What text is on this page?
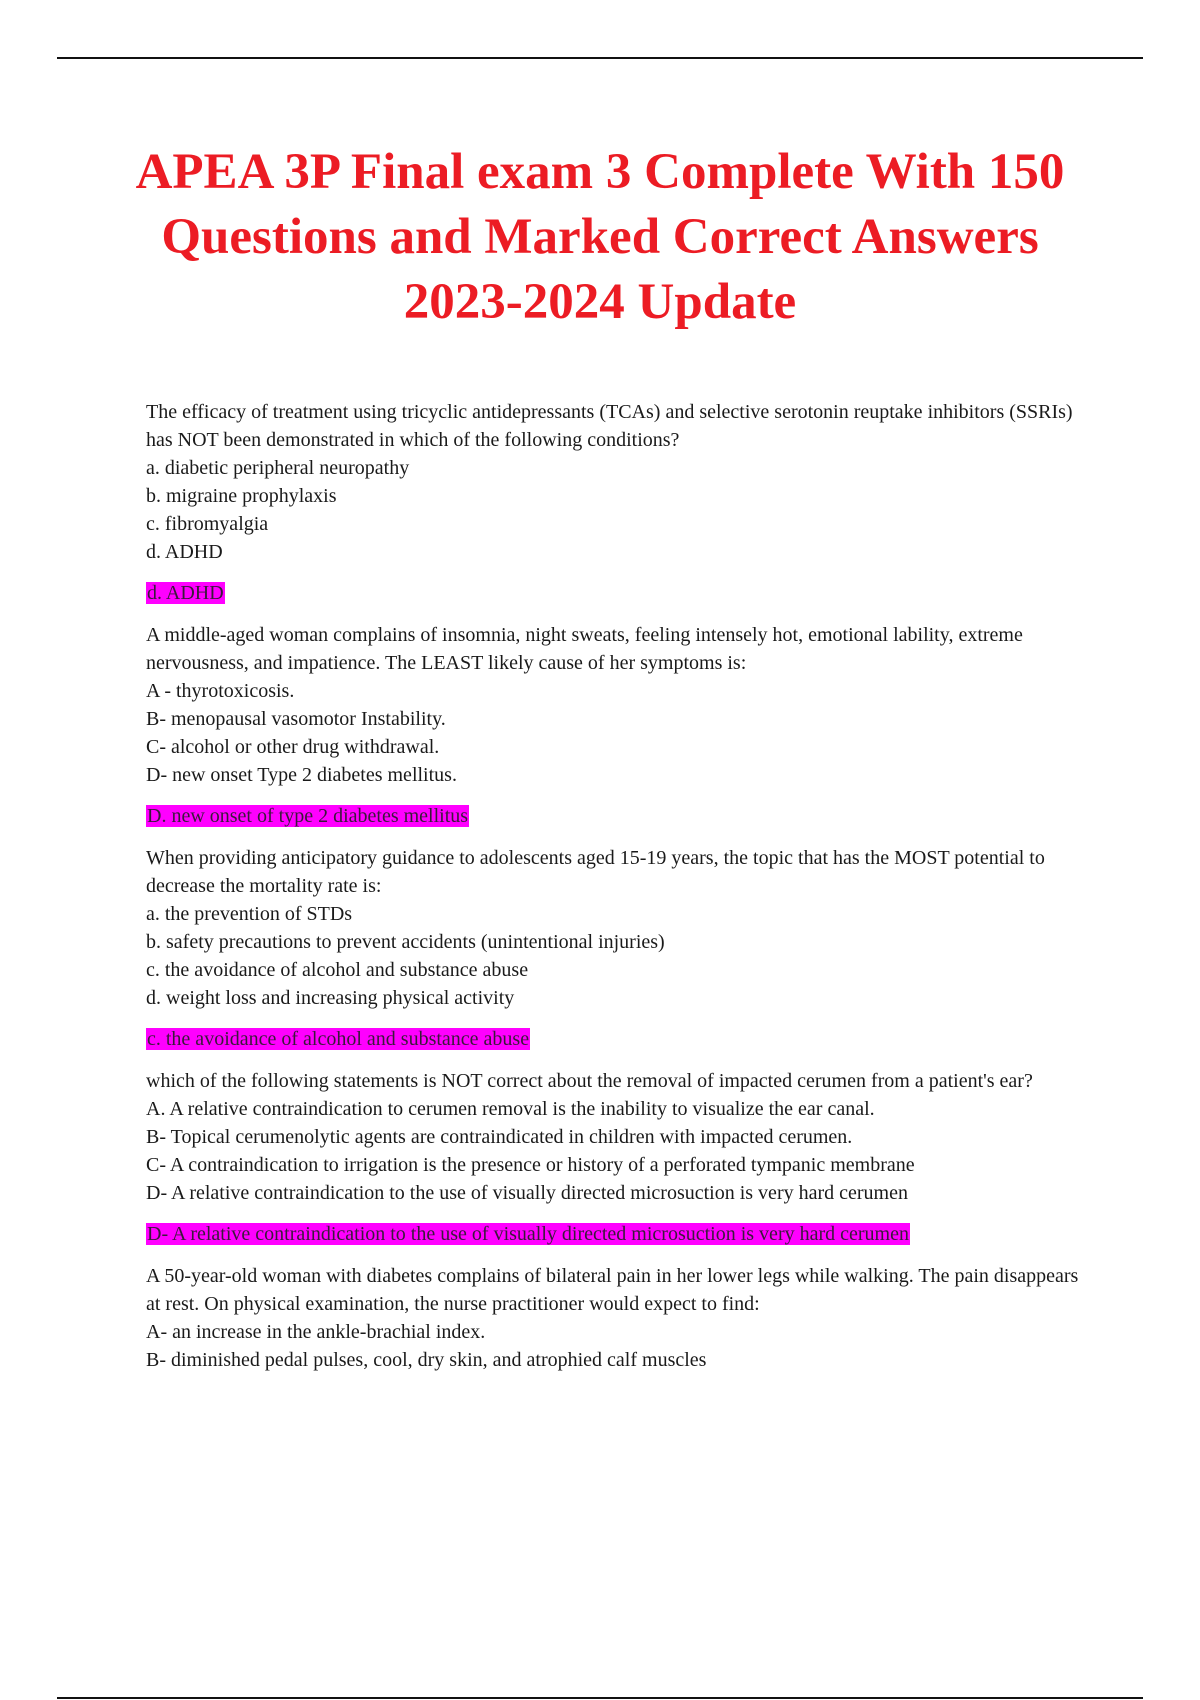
APEA 3P Final exam 3 Complete With 150 Questions and Marked Correct Answers 2023-2024 Update
The efficacy of treatment using tricyclic antidepressants (TCAs) and selective serotonin reuptake inhibitors (SSRIs) has NOT been demonstrated in which of the following conditions?
a. diabetic peripheral neuropathy
b. migraine prophylaxis
c. fibromyalgia
d. ADHD
d. ADHD
A middle-aged woman complains of insomnia, night sweats, feeling intensely hot, emotional lability, extreme nervousness, and impatience. The LEAST likely cause of her symptoms is:
A - thyrotoxicosis.
B- menopausal vasomotor Instability.
C- alcohol or other drug withdrawal.
D- new onset Type 2 diabetes mellitus.
D. new onset of type 2 diabetes mellitus
When providing anticipatory guidance to adolescents aged 15-19 years, the topic that has the MOST potential to decrease the mortality rate is:
a. the prevention of STDs
b. safety precautions to prevent accidents (unintentional injuries)
c. the avoidance of alcohol and substance abuse
d. weight loss and increasing physical activity
c. the avoidance of alcohol and substance abuse
which of the following statements is NOT correct about the removal of impacted cerumen from a patient's ear?
A. A relative contraindication to cerumen removal is the inability to visualize the ear canal.
B- Topical cerumenolytic agents are contraindicated in children with impacted cerumen.
C- A contraindication to irrigation is the presence or history of a perforated tympanic membrane
D- A relative contraindication to the use of visually directed microsuction is very hard cerumen
D- A relative contraindication to the use of visually directed microsuction is very hard cerumen
A 50-year-old woman with diabetes complains of bilateral pain in her lower legs while walking. The pain disappears at rest. On physical examination, the nurse practitioner would expect to find:
A- an increase in the ankle-brachial index.
B- diminished pedal pulses, cool, dry skin, and atrophied calf muscles
